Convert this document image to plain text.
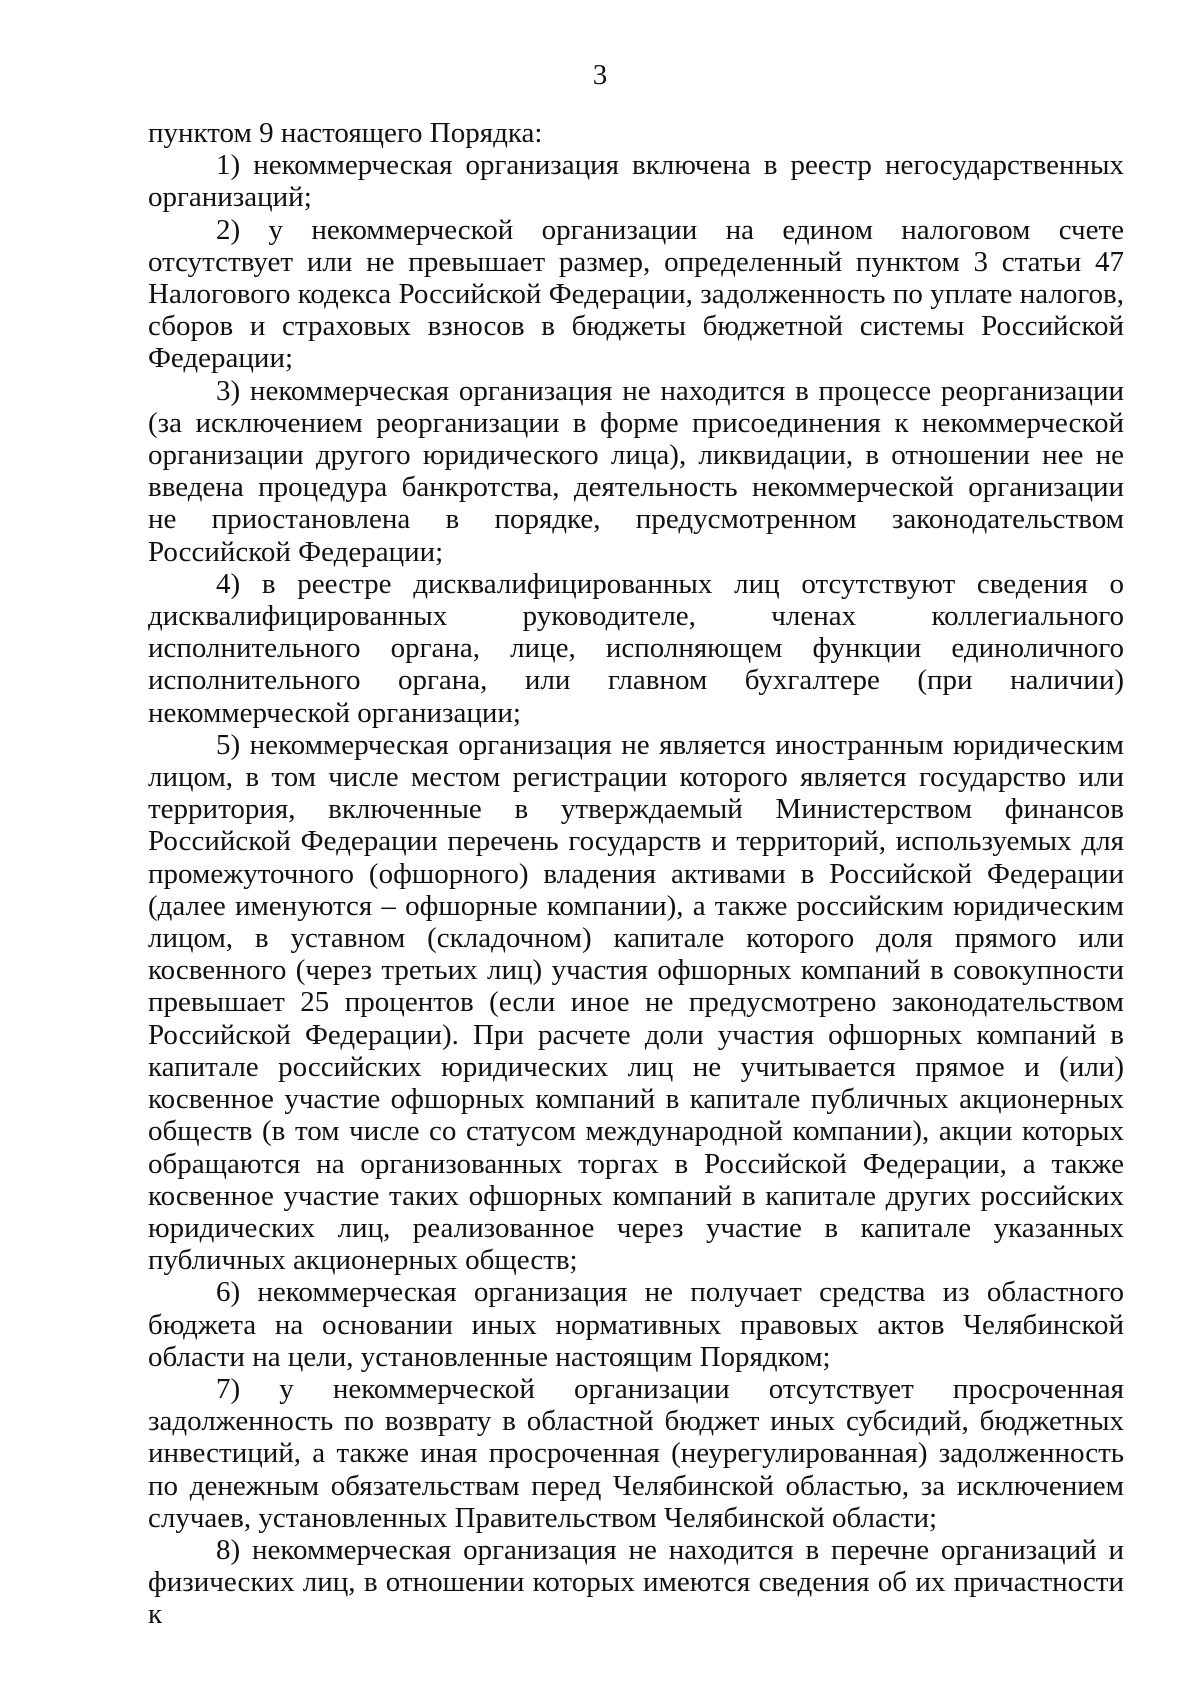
3

пунктом 9 настоящего Порядка:

1) некоммерческая организация включена в реестр негосударственных организаций;

2) у некоммерческой организации на едином налоговом счете отсутствует или не превышает размер, определенный пунктом 3 статьи 47 Налогового кодекса Российской Федерации, задолженность по уплате налогов, сборов и страховых взносов в бюджеты бюджетной системы Российской Федерации;

3) некоммерческая организация не находится в процессе реорганизации (за исключением реорганизации в форме присоединения к некоммерческой организации другого юридического лица), ликвидации, в отношении нее не введена процедура банкротства, деятельность некоммерческой организации не приостановлена в порядке, предусмотренном законодательством Российской Федерации;

4) в реестре дисквалифицированных лиц отсутствуют сведения о дисквалифицированных руководителе, членах коллегиального исполнительного органа, лице, исполняющем функции единоличного исполнительного органа, или главном бухгалтере (при наличии) некоммерческой организации;

5) некоммерческая организация не является иностранным юридическим лицом, в том числе местом регистрации которого является государство или территория, включенные в утверждаемый Министерством финансов Российской Федерации перечень государств и территорий, используемых для промежуточного (офшорного) владения активами в Российской Федерации (далее именуются – офшорные компании), а также российским юридическим лицом, в уставном (складочном) капитале которого доля прямого или косвенного (через третьих лиц) участия офшорных компаний в совокупности превышает 25 процентов (если иное не предусмотрено законодательством Российской Федерации). При расчете доли участия офшорных компаний в капитале российских юридических лиц не учитывается прямое и (или) косвенное участие офшорных компаний в капитале публичных акционерных обществ (в том числе со статусом международной компании), акции которых обращаются на организованных торгах в Российской Федерации, а также косвенное участие таких офшорных компаний в капитале других российских юридических лиц, реализованное через участие в капитале указанных публичных акционерных обществ;

6) некоммерческая организация не получает средства из областного бюджета на основании иных нормативных правовых актов Челябинской области на цели, установленные настоящим Порядком;

7) у некоммерческой организации отсутствует просроченная задолженность по возврату в областной бюджет иных субсидий, бюджетных инвестиций, а также иная просроченная (неурегулированная) задолженность по денежным обязательствам перед Челябинской областью, за исключением случаев, установленных Правительством Челябинской области;

8) некоммерческая организация не находится в перечне организаций и физических лиц, в отношении которых имеются сведения об их причастности к
